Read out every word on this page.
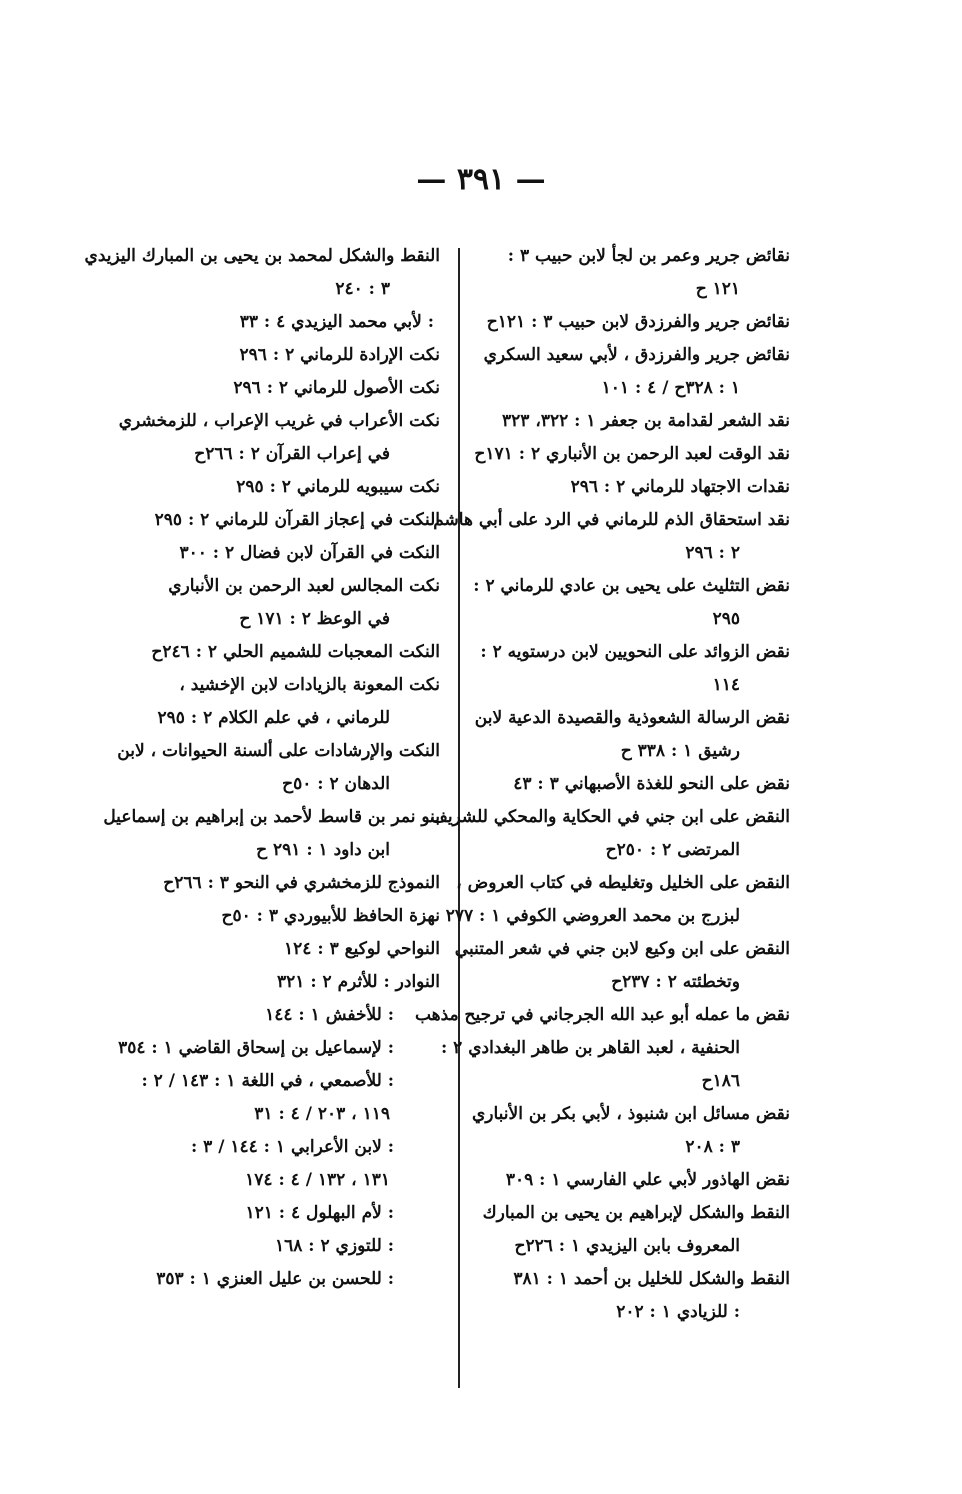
— ٣٩١ —
نقائض جرير وعمر بن لجأ لابن حبيب ٣ :
١٢١ ح
نقائض جرير والفرزدق لابن حبيب ٣ : ١٢١ح
نقائض جرير والفرزدق ، لأبي سعيد السكري
١ : ٣٢٨ح / ٤ : ١٠١
نقد الشعر لقدامة بن جعفر ١ : ٣٢٢، ٣٢٣
نقد الوقت لعبد الرحمن بن الأنباري ٢ : ١٧١ح
نقدات الاجتهاد للرماني ٢ : ٢٩٦
نقد استحقاق الذم للرماني في الرد على أبي هاشم
٢ : ٢٩٦
نقض التثليث على يحيى بن عادي للرماني ٢ :
٢٩٥
نقض الزوائد على النحويين لابن درستويه ٢ :
١١٤
نقض الرسالة الشعوذية والقصيدة الدعية لابن
رشيق ١ : ٣٣٨ ح
نقض على النحو للغذة الأصبهاني ٣ : ٤٣
النقض على ابن جني في الحكاية والمحكي للشريف
المرتضى ٢ : ٢٥٠ح
النقض على الخليل وتغليطه في كتاب العروض ،
لبزرج بن محمد العروضي الكوفي ١ : ٢٧٧
النقض على ابن وكيع لابن جني في شعر المتنبي
وتخطئته ٢ : ٢٣٧ح
نقض ما عمله أبو عبد الله الجرجاني في ترجيح مذهب
الحنفية ، لعبد القاهر بن طاهر البغدادي ٢ :
١٨٦ح
نقض مسائل ابن شنبوذ ، لأبي بكر بن الأنباري
٣ : ٢٠٨
نقض الهاذور لأبي علي الفارسي ١ : ٣٠٩
النقط والشكل لإبراهيم بن يحيى بن المبارك
المعروف بابن اليزيدي ١ : ٢٢٦ح
النقط والشكل للخليل بن أحمد ١ : ٣٨١
: للزيادي ١ : ٢٠٢
النقط والشكل لمحمد بن يحيى بن المبارك اليزيدي
٣ : ٢٤٠
: لأبي محمد اليزيدي ٤ : ٣٣
نكت الإرادة للرماني ٢ : ٢٩٦
نكت الأصول للرماني ٢ : ٢٩٦
نكت الأعراب في غريب الإعراب ، للزمخشري
في إعراب القرآن ٢ : ٢٦٦ح
نكت سيبويه للرماني ٢ : ٢٩٥
النكت في إعجاز القرآن للرماني ٢ : ٢٩٥
النكت في القرآن لابن فضال ٢ : ٣٠٠
نكت المجالس لعبد الرحمن بن الأنباري
في الوعظ ٢ : ١٧١ ح
النكت المعجبات للشميم الحلي ٢ : ٢٤٦ح
نكت المعونة بالزيادات لابن الإخشيد ،
للرماني ، في علم الكلام ٢ : ٢٩٥
النكت والإرشادات على ألسنة الحيوانات ، لابن
الدهان ٢ : ٥٠ح
بنو نمر بن قاسط لأحمد بن إبراهيم بن إسماعيل
ابن داود ١ : ٢٩١ ح
النموذج للزمخشري في النحو ٣ : ٢٦٦ح
نهزة الحافظ للأبيوردي ٣ : ٥٠ح
النواحي لوكيع ٣ : ١٢٤
النوادر : للأثرم ٢ : ٣٢١
: للأخفش ١ : ١٤٤
: لإسماعيل بن إسحاق القاضي ١ : ٣٥٤
: للأصمعي ، في اللغة ١ : ١٤٣ / ٢ :
١١٩ ، ٢٠٣ / ٤ : ٣١
: لابن الأعرابي ١ : ١٤٤ / ٣ :
١٣١ ، ١٣٢ / ٤ : ١٧٤
: لأم البهلول ٤ : ١٢١
: للتوزي ٢ : ١٦٨
: للحسن بن عليل العنزي ١ : ٣٥٣
